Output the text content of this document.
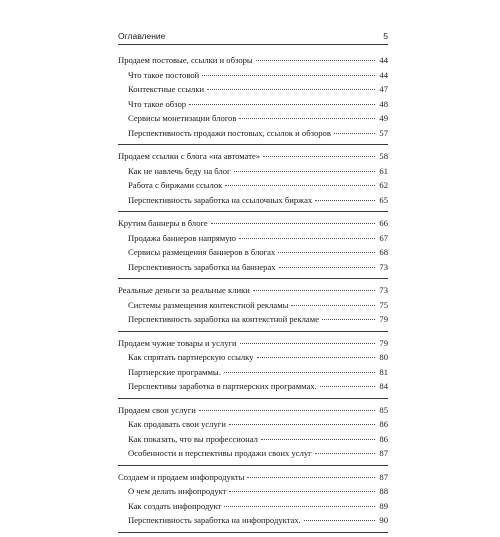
Оглавление	5
Продаем постовые, ссылки и обзоры	44
Что такое постовой	44
Контекстные ссылки	47
Что такое обзор	48
Сервисы монетизации блогов	49
Перспективность продажи постовых, ссылок и обзоров	57
Продаем ссылки с блога «на автомате»	58
Как не навлечь беду на блог	61
Работа с биржами ссылок	62
Перспективность заработка на ссылочных биржах	65
Крутим баннеры в блоге	66
Продажа баннеров напрямую	67
Сервисы размещения баннеров в блогах	68
Перспективность заработка на баннерах	73
Реальные деньги за реальные клики	73
Системы размещения контекстной рекламы	75
Перспективность заработка на контекстной рекламе	79
Продаем чужие товары и услуги	79
Как спрятать партнерскую ссылку	80
Партнерские программы.	81
Перспективы заработка в партнерских программах.	84
Продаем свои услуги	85
Как продавать свои услуги	86
Как показать, что вы профессионал	86
Особенности и перспективы продажи своих услуг	87
Создаем и продаем инфопродукты	87
О чем делать инфопродукт	88
Как создать инфопродукт	89
Перспективность заработка на инфопродуктах.	90
